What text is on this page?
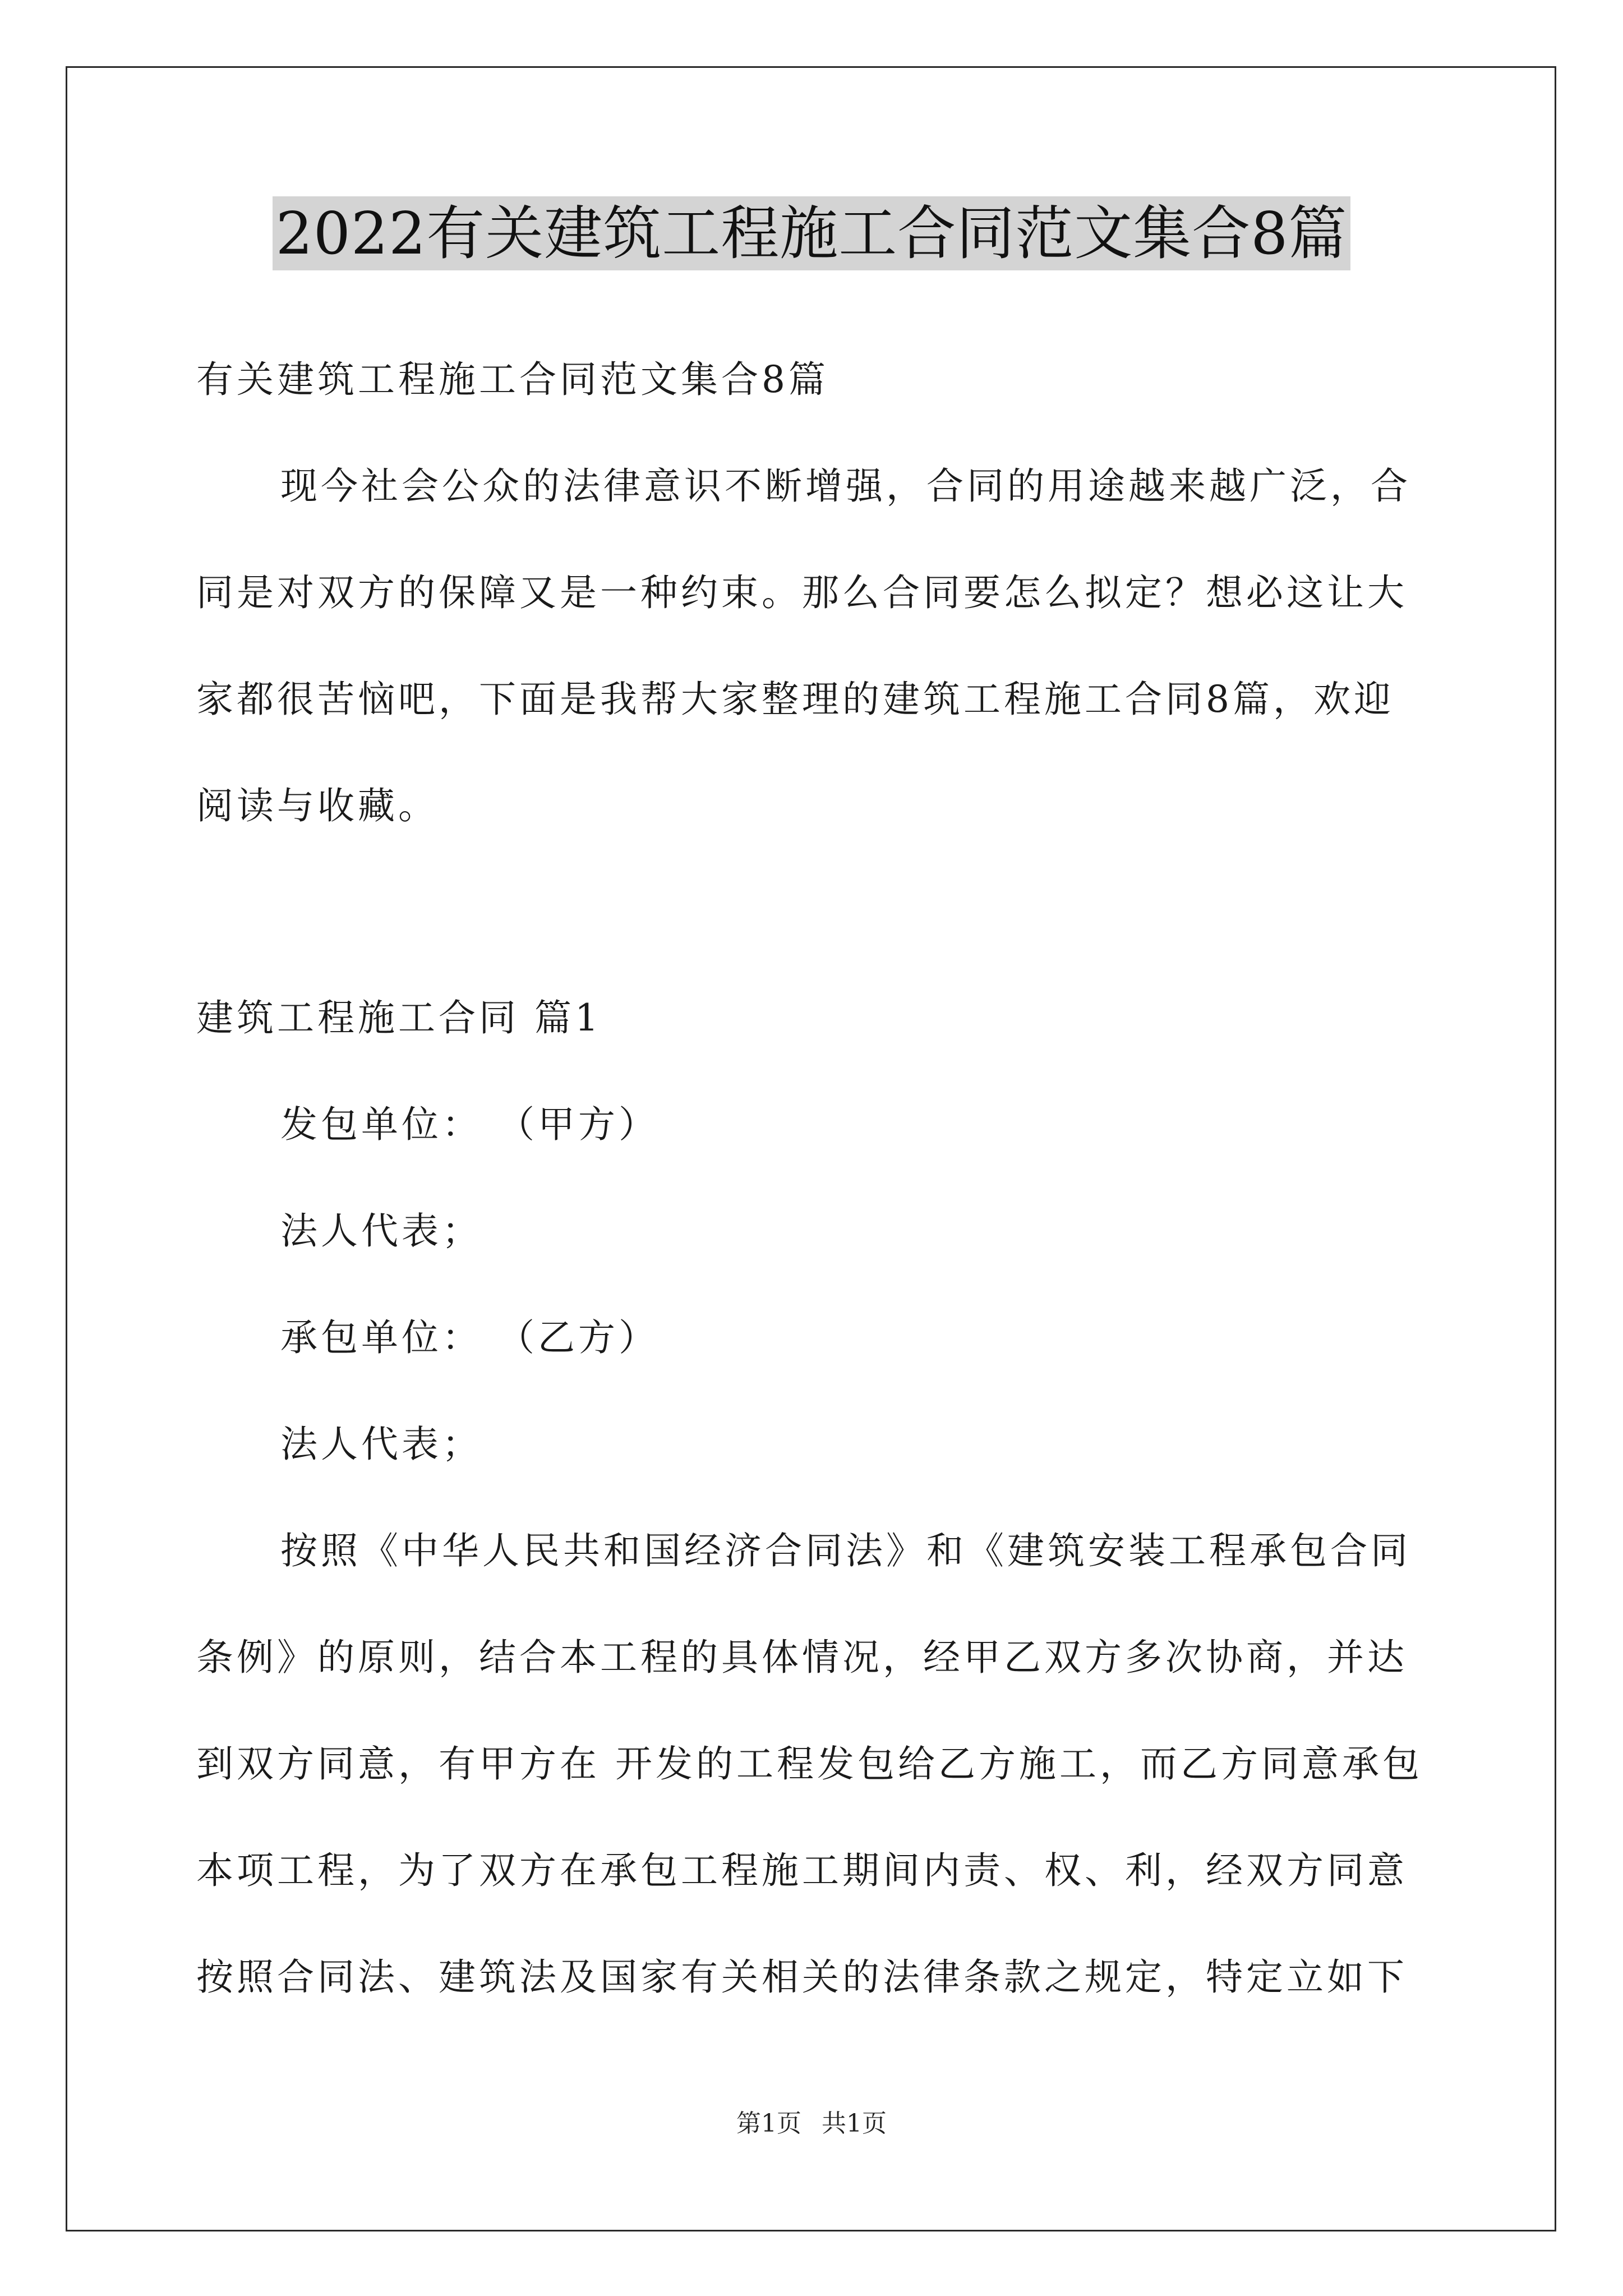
2022有关建筑工程施工合同范文集合8篇
有关建筑工程施工合同范文集合8篇
现今社会公众的法律意识不断增强，合同的用途越来越广泛，合
同是对双方的保障又是一种约束。那么合同要怎么拟定？想必这让大
家都很苦恼吧，下面是我帮大家整理的建筑工程施工合同8篇，欢迎
阅读与收藏。
建筑工程施工合同 篇1
发包单位： （甲方）
法人代表；
承包单位： （乙方）
法人代表；
按照《中华人民共和国经济合同法》和《建筑安装工程承包合同
条例》的原则，结合本工程的具体情况，经甲乙双方多次协商，并达
到双方同意，有甲方在 开发的工程发包给乙方施工，而乙方同意承包
本项工程，为了双方在承包工程施工期间内责、权、利，经双方同意
按照合同法、建筑法及国家有关相关的法律条款之规定，特定立如下
第1页 共1页
